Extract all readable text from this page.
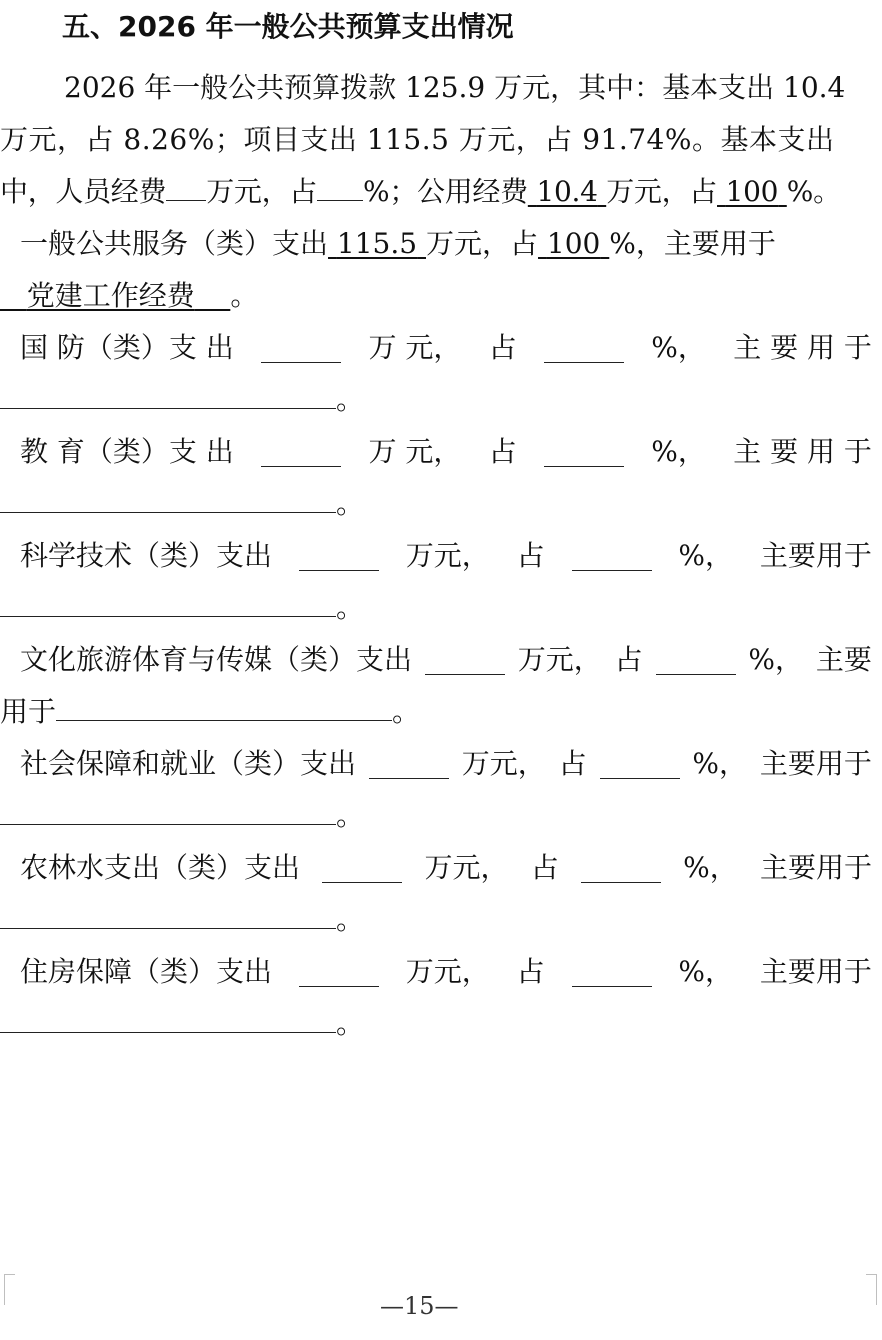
五、2026 年一般公共预算支出情况
2026 年一般公共预算拨款 125.9 万元，其中：基本支出 10.4
万元，占 8.26%；项目支出 115.5 万元，占 91.74%。基本支出
中，人员经费 万元，占 %；公用经费 10.4 万元，占 100 %。
一般公共服务（类）支出 115.5 万元，占 100 %，主要用于
党建工作经费 。
国 防（类）支 出	万 元， 占	%， 主 要 用 于
。
教 育（类）支 出	万 元， 占	%， 主 要 用 于
。
科学技术（类）支出	万元， 占	%， 主要用于
。
文化旅游体育与传媒（类）支出	万元， 占	%， 主要
用于	。
社会保障和就业（类）支出	万元， 占	%， 主要用于
。
农林水支出（类）支出	万元， 占	%， 主要用于
。
住房保障（类）支出	万元， 占	%， 主要用于
。
—15—
